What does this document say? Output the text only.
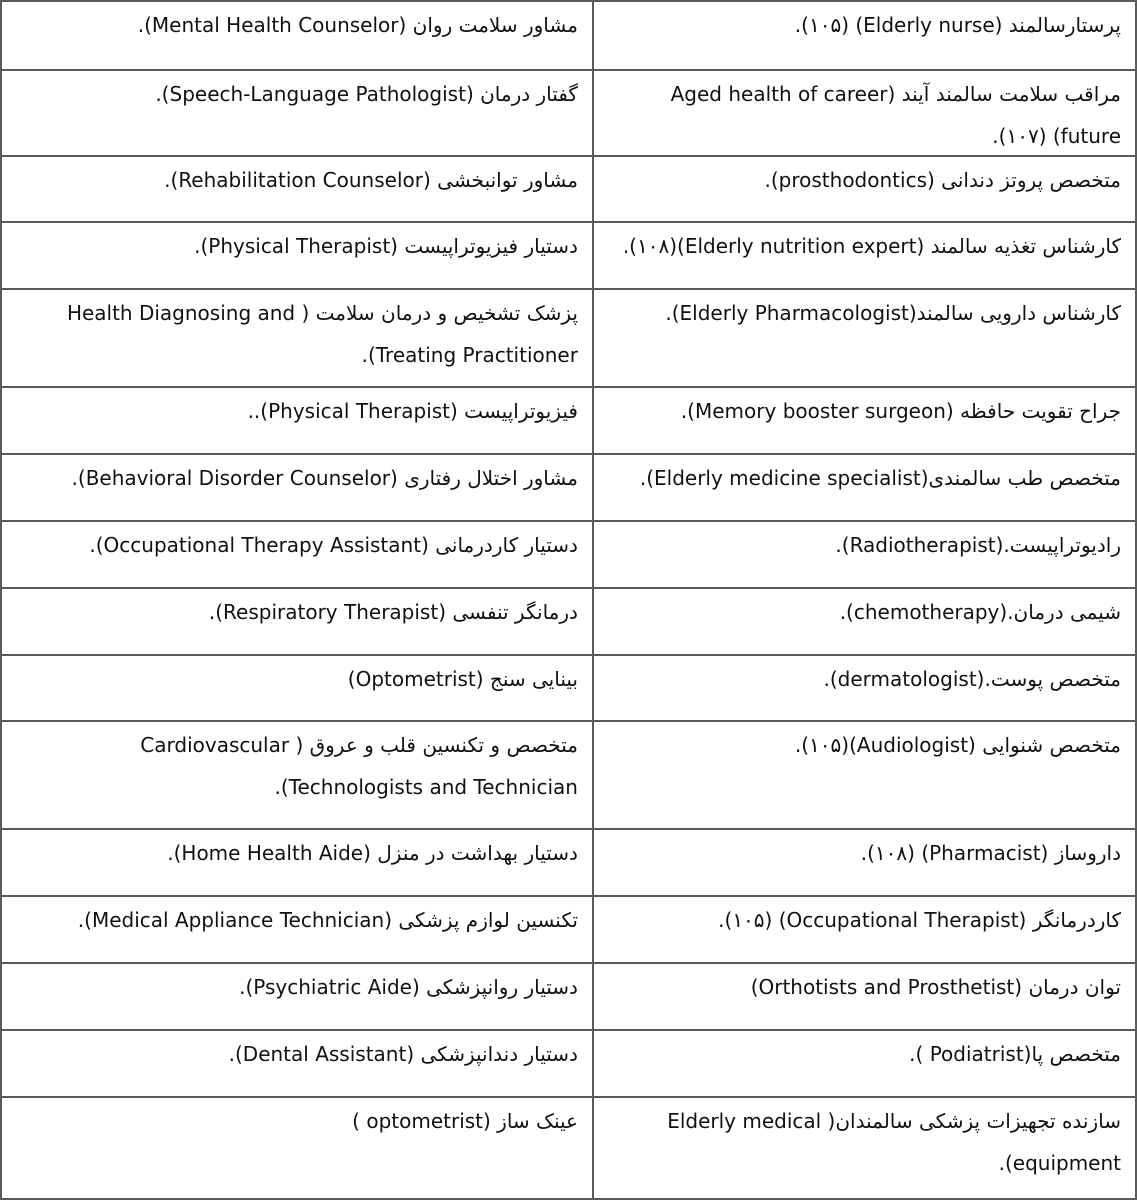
پرستارسالمند (Elderly nurse) (۱۰۵).
مشاور سلامت روان (Mental Health Counselor).
مراقب سلامت سالمند آیند (Aged health of career future) (۱۰۷).
گفتار درمان (Speech-Language Pathologist).
متخصص پروتز دندانی (prosthodontics).
مشاور توانبخشی (Rehabilitation Counselor).
کارشناس تغذیه سالمند (Elderly nutrition expert)(۱۰۸).
دستیار فیزیوتراپیست (Physical Therapist).
کارشناس دارویی سالمند(Elderly Pharmacologist).
پزشک تشخیص و درمان سلامت ( Health Diagnosing and Treating Practitioner).
جراح تقویت حافظه (Memory booster surgeon).
فیزیوتراپیست (Physical Therapist)..
متخصص طب سالمندی(Elderly medicine specialist).
مشاور اختلال رفتاری (Behavioral Disorder Counselor).
رادیوتراپیست.(Radiotherapist).
دستیار کاردرمانی (Occupational Therapy Assistant).
شیمی درمان.(chemotherapy).
درمانگر تنفسی (Respiratory Therapist).
متخصص پوست.(dermatologist).
بینایی سنج (Optometrist)
متخصص شنوایی (Audiologist)(۱۰۵).
متخصص و تکنسین قلب و عروق ( Cardiovascular Technologists and Technician).
داروساز (Pharmacist) (۱۰۸).
دستیار بهداشت در منزل (Home Health Aide).
کاردرمانگر (Occupational Therapist) (۱۰۵).
تکنسین لوازم پزشکی (Medical Appliance Technician).
توان درمان (Orthotists and Prosthetist)
دستیار روانپزشکی (Psychiatric Aide).
متخصص پا(Podiatrist ).
دستیار دندانپزشکی (Dental Assistant).
سازنده تجهیزات پزشکی سالمندان( Elderly medical equipment).
عینک ساز (optometrist )
